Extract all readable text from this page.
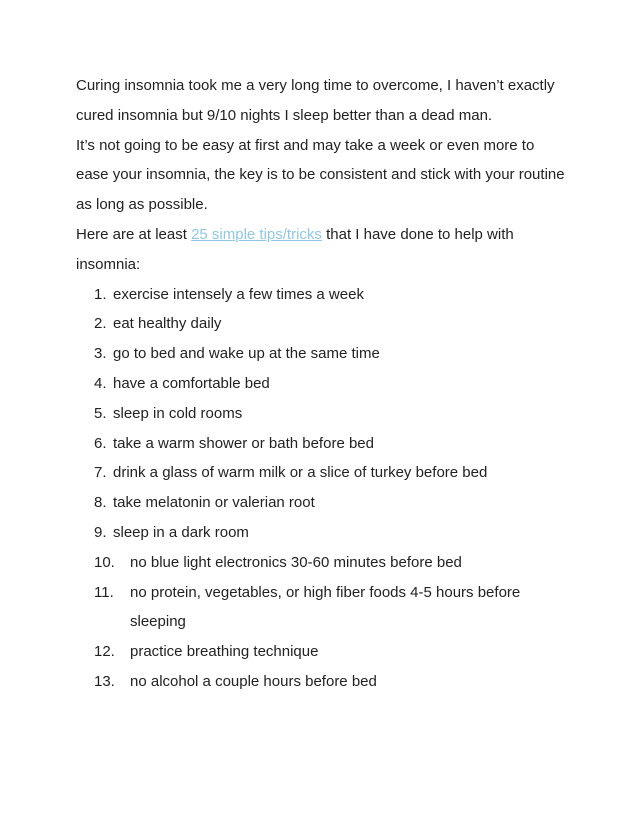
Curing insomnia took me a very long time to overcome, I haven’t exactly cured insomnia but 9/10 nights I sleep better than a dead man.

It’s not going to be easy at first and may take a week or even more to ease your insomnia, the key is to be consistent and stick with your routine as long as possible.

Here are at least 25 simple tips/tricks that I have done to help with insomnia:

1. exercise intensely a few times a week
2. eat healthy daily
3. go to bed and wake up at the same time
4. have a comfortable bed
5. sleep in cold rooms
6. take a warm shower or bath before bed
7. drink a glass of warm milk or a slice of turkey before bed
8. take melatonin or valerian root
9. sleep in a dark room
10. no blue light electronics 30-60 minutes before bed
11.	no protein, vegetables, or high fiber foods 4-5 hours before sleeping
12. practice breathing technique
13. no alcohol a couple hours before bed
